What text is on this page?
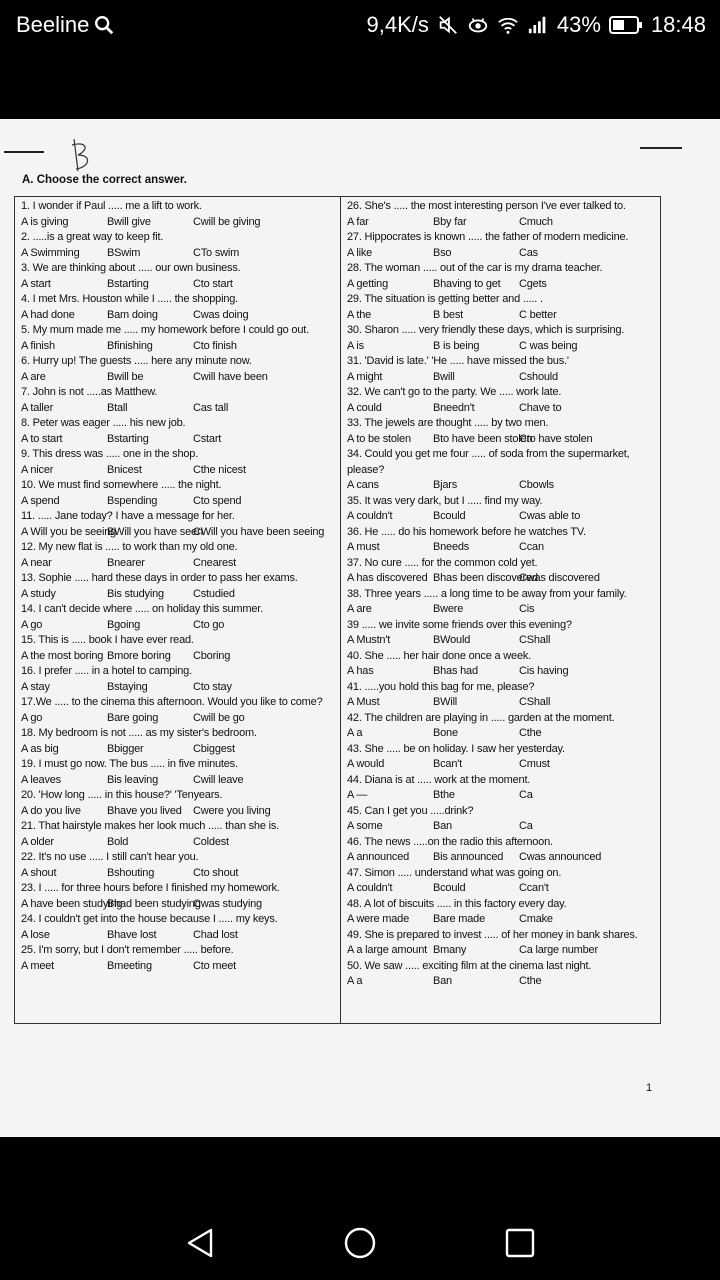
Beeline	9,4K/s	43% 18:48
A. Choose the correct answer.
1. I wonder if Paul ..... me a lift to work.
A is giving	Bwill give	Cwill be giving
2. .....is a great way to keep fit.
A Swimming BSwim	CTo swim
3. We are thinking about ..... our own business.
A start	Bstarting	Cto start
4. I met Mrs. Houston while I ..... the shopping.
A had done	Bam doing	Cwas doing
5. My mum made me ..... my homework before I could go out.
A finish	Bfinishing	Cto finish
6. Hurry up! The guests ..... here any minute now.
A are	Bwill be	Cwill have been
7. John is not .....as Matthew.
A taller	Btall	Cas tall
8. Peter was eager ..... his new job.
A to start	Bstarting	Cstart
9. This dress was ..... one in the shop.
A nicer	Bnicest	Cthe nicest
10. We must find somewhere ..... the night.
A spend	Bspending	Cto spend
11. ..... Jane today? I have a message for her.
A Will you be seeing
BWill you have seen
CWill you have been seeing
12. My new flat is ..... to work than my old one.
A near	Bnearer	Cnearest
13. Sophie ..... hard these days in order to pass her exams.
A study	Bis studying	Cstudied
14. I can't decide where ..... on holiday this summer.
A go	Bgoing	Cto go
15. This is ..... book I have ever read.
A the most boring Bmore boring Cboring
16. I prefer ..... in a hotel to camping.
A stay	Bstaying	Cto stay
17.We ..... to the cinema this afternoon. Would you like to come?
A go	Bare going	Cwill be go
18. My bedroom is not ..... as my sister's bedroom.
A as big	Bbigger	Cbiggest
19. I must go now. The bus ..... in five minutes.
A leaves	Bis leaving	Cwill leave
20. 'How long ..... in this house?' 'Tenyears.
A do you live Bhave you lived Cwere you living
21. That hairstyle makes her look much ..... than she is.
A older	Bold	Coldest
22. It's no use ..... I still can't hear you.
A shout	Bshouting	Cto shout
23. I ..... for three hours before I finished my homework.
A have been studying
Bhad been studying
Cwas studying
24. I couldn't get into the house because I ..... my keys.
A lose	Bhave lost	Chad lost
25. I'm sorry, but I don't remember ..... before.
A meet	Bmeeting	Cto meet
26. She's ..... the most interesting person I've ever talked to.
A far	Bby far	Cmuch
27. Hippocrates is known ..... the father of modern medicine.
A like	Bso	Cas
28. The woman ..... out of the car is my drama teacher.
A getting	Bhaving to get Cgets
29. The situation is getting better and ..... .
A the	B best	C better
30. Sharon ..... very friendly these days, which is surprising.
A is	B is being	C was being
31. 'David is late.' 'He ..... have missed the bus.'
A might	Bwill	Cshould
32. We can't go to the party. We ..... work late.
A could	Bneedn't	Chave to
33. The jewels are thought ..... by two men.
A to be stolen Bto have been stolen
Cto have stolen
34. Could you get me four ..... of soda from the supermarket, please?
A cans	Bjars	Cbowls
35. It was very dark, but I ..... find my way.
A couldn't	Bcould	Cwas able to
36. He ..... do his homework before he watches TV.
A must	Bneeds	Ccan
37. No cure ..... for the common cold yet.
A has discovered Bhas been discovered
Cwas discovered
38. Three years ..... a long time to be away from your family.
A are	Bwere	Cis
39 ..... we invite some friends over this evening?
A Mustn't	BWould	CShall
40. She ..... her hair done once a week.
A has	Bhas had	Cis having
41. .....you hold this bag for me, please?
A Must	BWill	CShall
42. The children are playing in ..... garden at the moment.
A a	Bone	Cthe
43. She ..... be on holiday. I saw her yesterday.
A would	Bcan't	Cmust
44. Diana is at ..... work at the moment.
A —	Bthe	Ca
45. Can I get you .....drink?
A some	Ban	Ca
46. The news .....on the radio this afternoon.
A announced Bis announced Cwas announced
47. Simon ..... understand what was going on.
A couldn't	Bcould	Ccan't
48. A lot of biscuits ..... in this factory every day.
A were made Bare made	Cmake
49. She is prepared to invest ..... of her money in bank shares.
A a large amount Bmany	Ca large number
50. We saw ..... exciting film at the cinema last night.
A a	Ban	Cthe
1
